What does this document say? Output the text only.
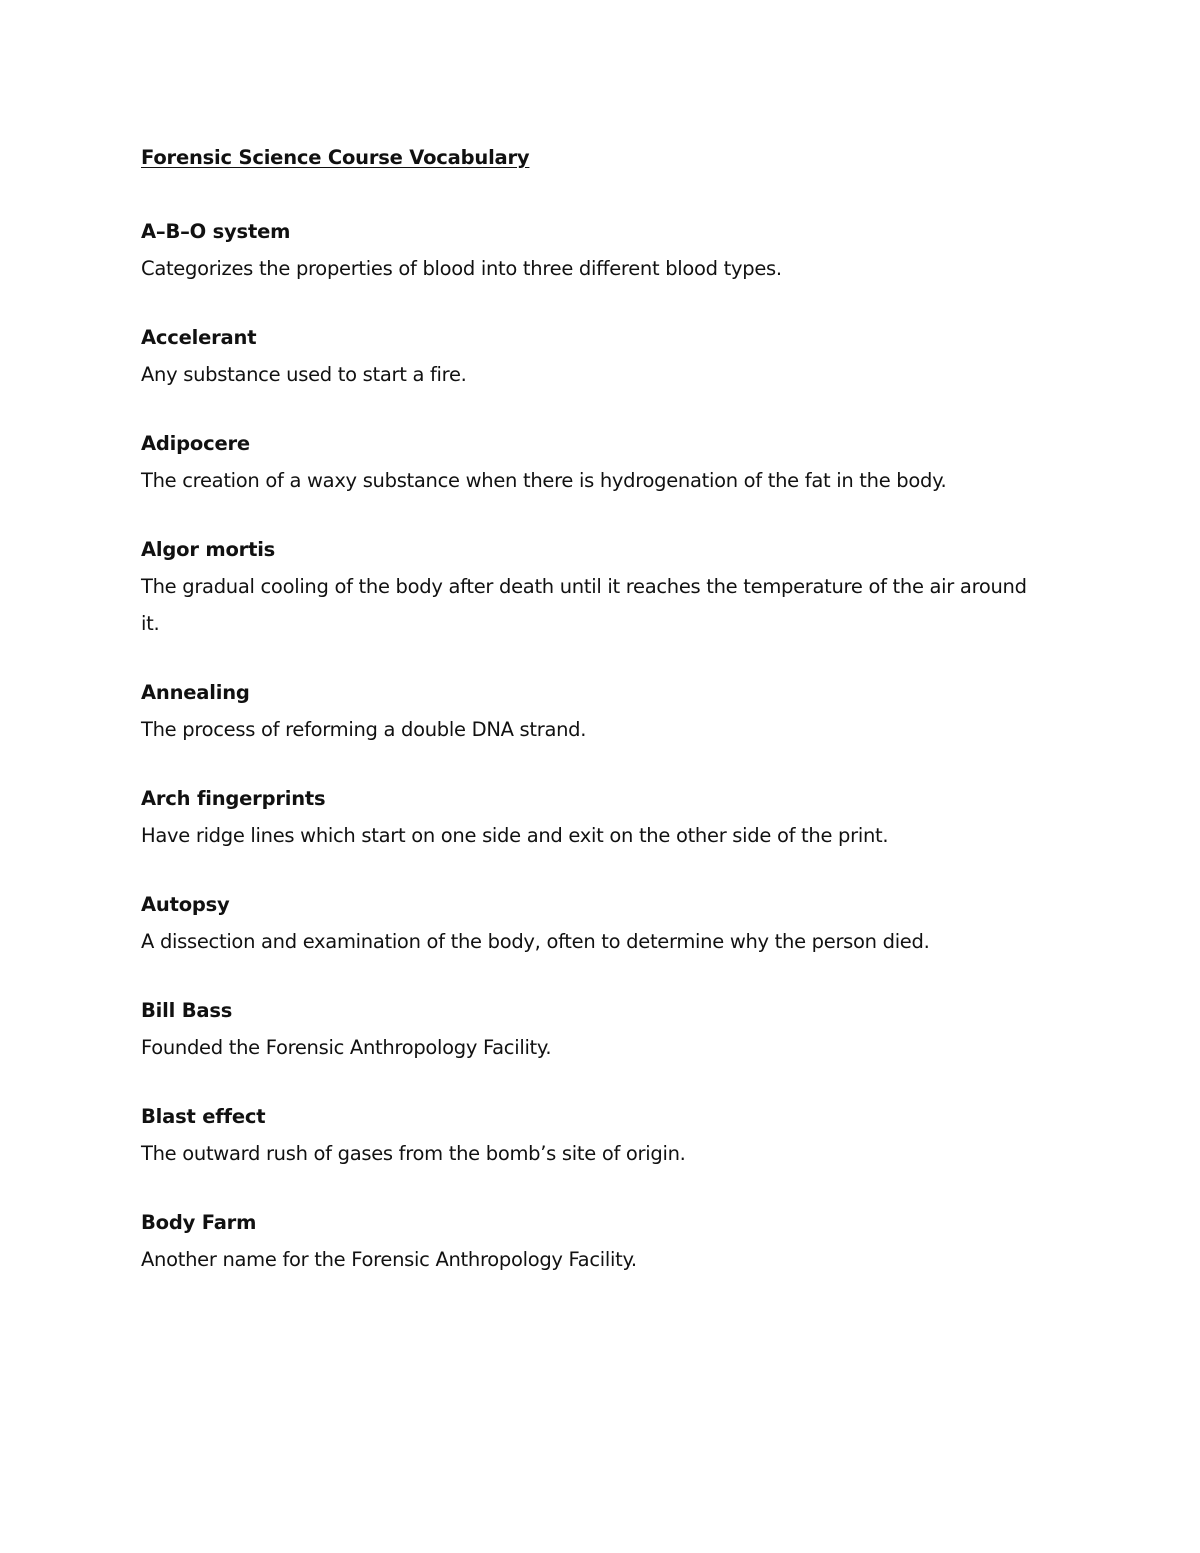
Forensic Science Course Vocabulary
A–B–O system
Categorizes the properties of blood into three different blood types.
Accelerant
Any substance used to start a fire.
Adipocere
The creation of a waxy substance when there is hydrogenation of the fat in the body.
Algor mortis
The gradual cooling of the body after death until it reaches the temperature of the air around it.
Annealing
The process of reforming a double DNA strand.
Arch fingerprints
Have ridge lines which start on one side and exit on the other side of the print.
Autopsy
A dissection and examination of the body, often to determine why the person died.
Bill Bass
Founded the Forensic Anthropology Facility.
Blast effect
The outward rush of gases from the bomb’s site of origin.
Body Farm
Another name for the Forensic Anthropology Facility.
